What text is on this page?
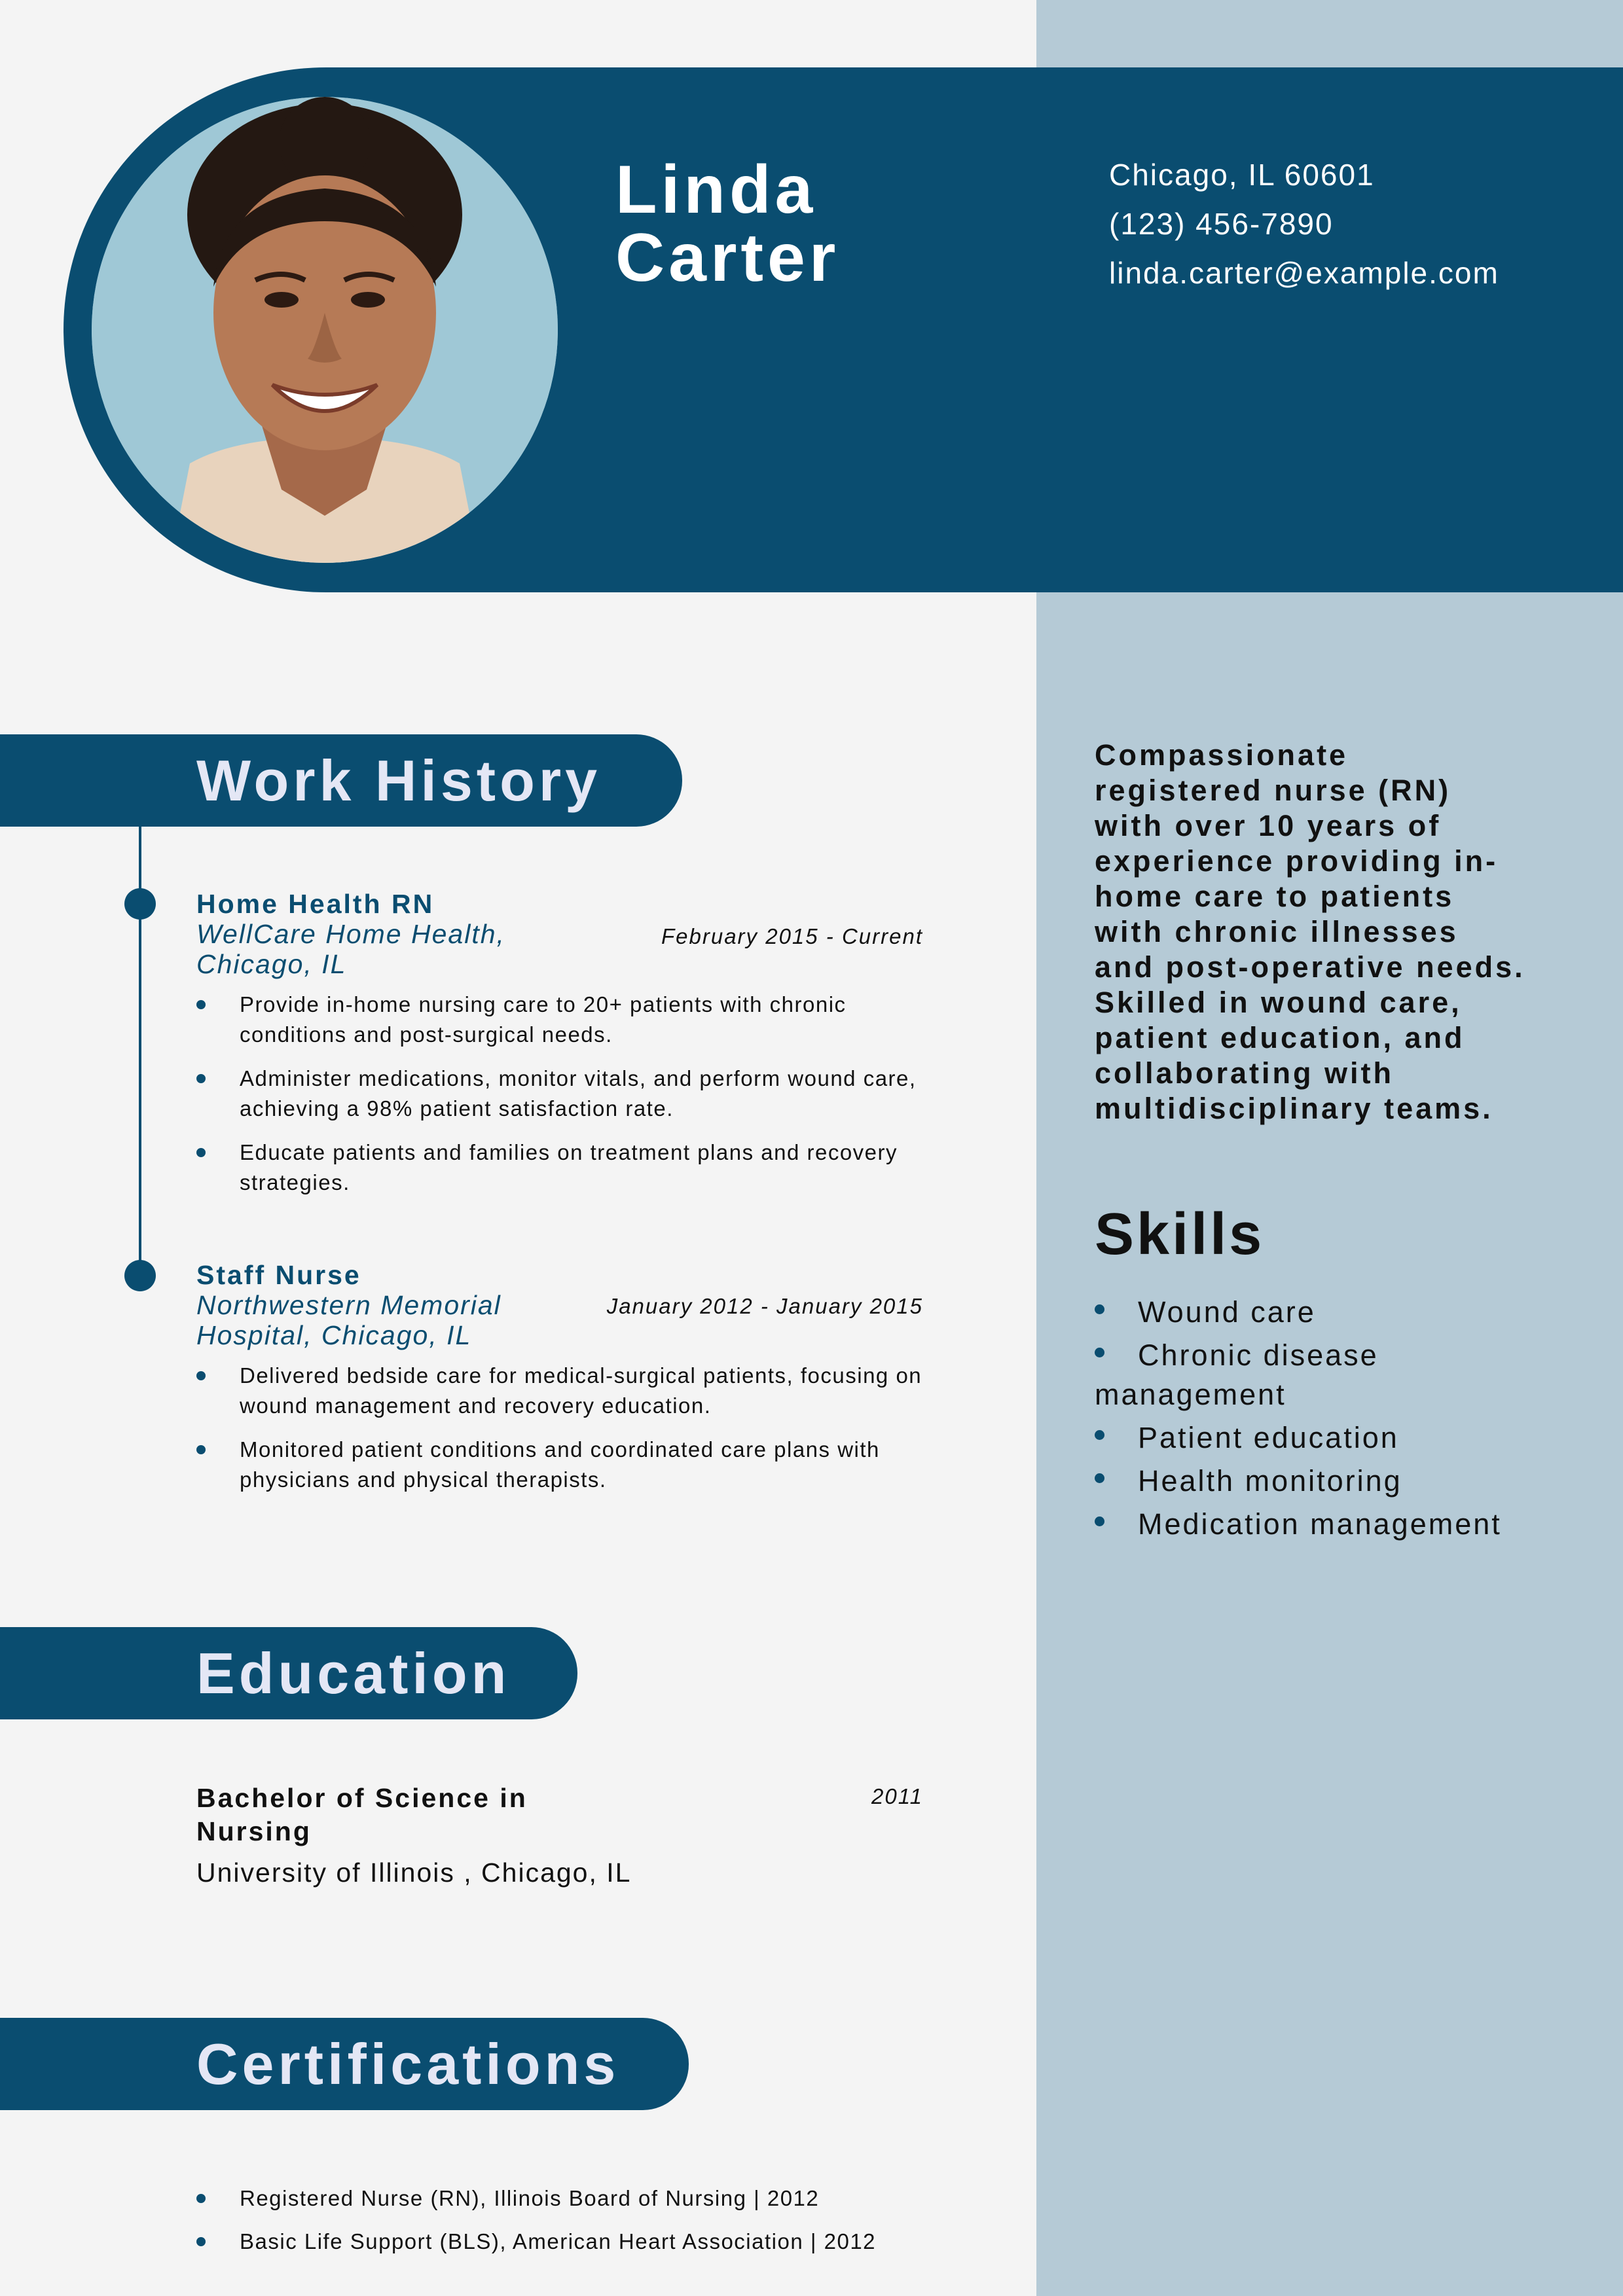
Linda
Carter
Chicago, IL 60601
(123) 456-7890
linda.carter@example.com
Work History
Home Health RN
February 2015 - Current
WellCare Home Health, Chicago, IL
Provide in-home nursing care to 20+ patients with chronic conditions and post-surgical needs.
Administer medications, monitor vitals, and perform wound care, achieving a 98% patient satisfaction rate.
Educate patients and families on treatment plans and recovery strategies.
Staff Nurse
January 2012 - January 2015
Northwestern Memorial Hospital, Chicago, IL
Delivered bedside care for medical-surgical patients, focusing on wound management and recovery education.
Monitored patient conditions and coordinated care plans with physicians and physical therapists.
Education
Bachelor of Science in Nursing
2011
University of Illinois , Chicago, IL
Certifications
Registered Nurse (RN), Illinois Board of Nursing | 2012
Basic Life Support (BLS), American Heart Association | 2012
Compassionate registered nurse (RN) with over 10 years of experience providing in-home care to patients with chronic illnesses and post-operative needs. Skilled in wound care, patient education, and collaborating with multidisciplinary teams.
Skills
Wound care
Chronic disease management
Patient education
Health monitoring
Medication management
